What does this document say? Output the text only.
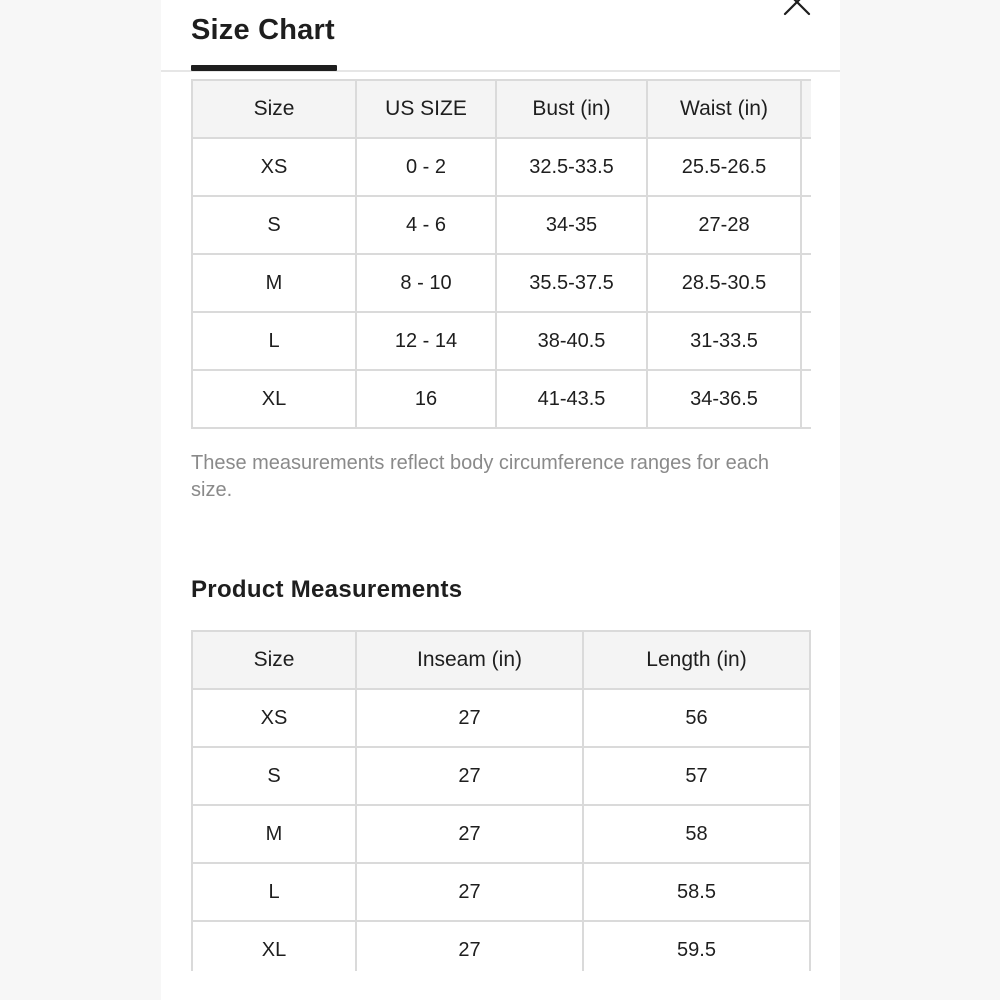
Size Chart
Size	US SIZE	Bust (in)	Waist (in)	
XS	0 - 2	32.5-33.5	25.5-26.5	
S	4 - 6	34-35	27-28	
M	8 - 10	35.5-37.5	28.5-30.5	
L	12 - 14	38-40.5	31-33.5	
XL	16	41-43.5	34-36.5	

These measurements reflect body circumference ranges for each size.

Product Measurements
Size	Inseam (in)	Length (in)
XS	27	56
S	27	57
M	27	58
L	27	58.5
XL	27	59.5
